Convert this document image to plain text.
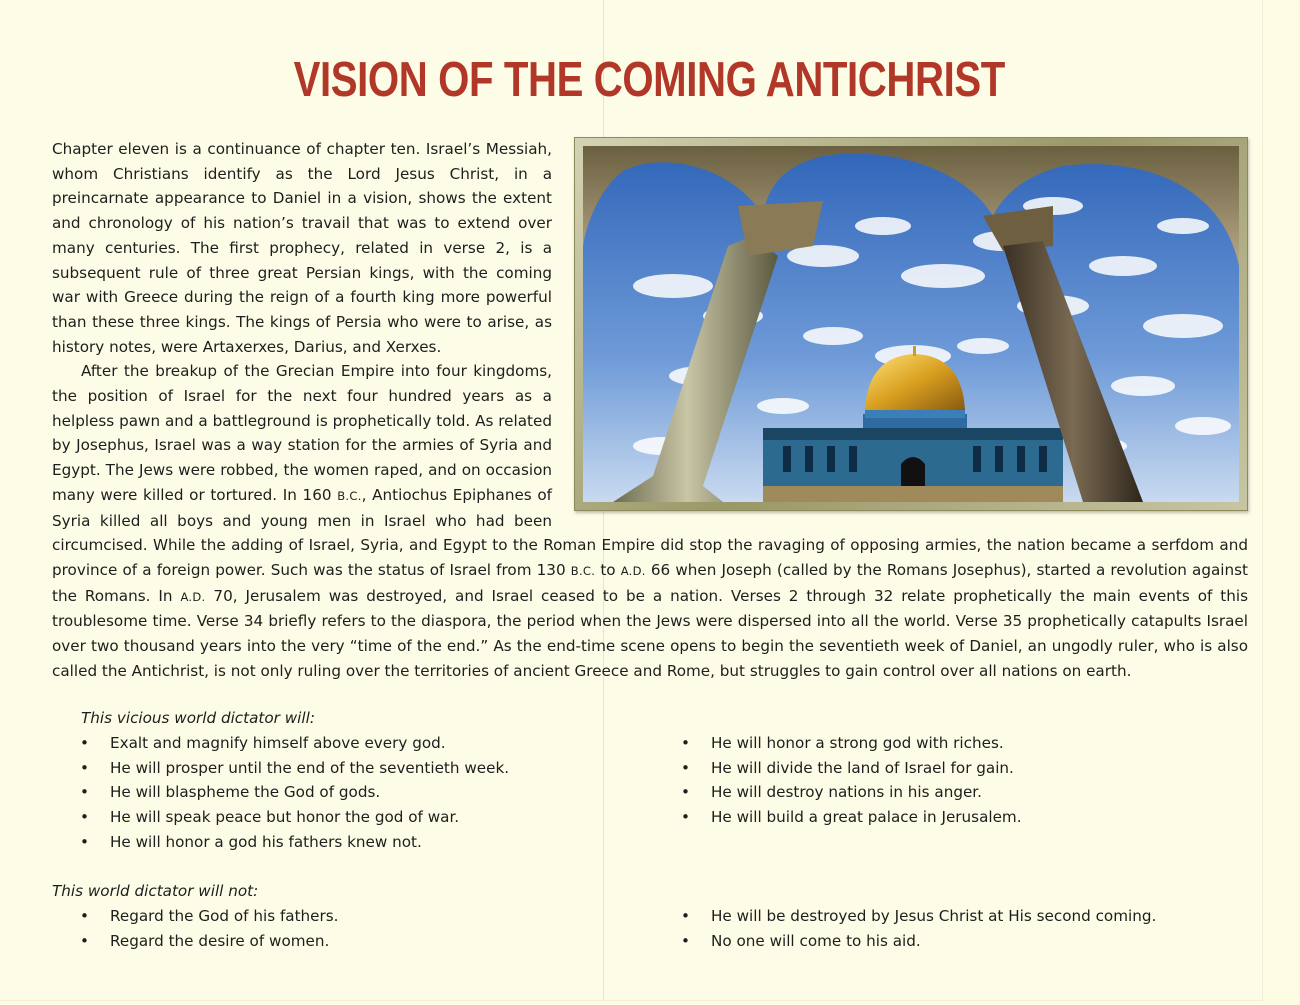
VISION OF THE COMING ANTICHRIST

Chapter eleven is a continuance of chapter ten. Israel’s Messiah, whom Christians identify as the Lord Jesus Christ, in a preincarnate appearance to Daniel in a vision, shows the extent and chronology of his nation’s travail that was to extend over many centuries. The first prophecy, related in verse 2, is a subsequent rule of three great Persian kings, with the coming war with Greece during the reign of a fourth king more powerful than these three kings. The kings of Persia who were to arise, as history notes, were Artaxerxes, Darius, and Xerxes.

After the breakup of the Grecian Empire into four kingdoms, the position of Israel for the next four hundred years as a helpless pawn and a battleground is prophetically told. As related by Josephus, Israel was a way station for the armies of Syria and Egypt. The Jews were robbed, the women raped, and on occasion many were killed or tortured. In 160 B.C., Antiochus Epiphanes of Syria killed all boys and young men in Israel who had been circumcised. While the adding of Israel, Syria, and Egypt to the Roman Empire did stop the ravaging of opposing armies, the nation became a serfdom and province of a foreign power. Such was the status of Israel from 130 B.C. to A.D. 66 when Joseph (called by the Romans Josephus), started a revolution against the Romans. In A.D. 70, Jerusalem was destroyed, and Israel ceased to be a nation. Verses 2 through 32 relate prophetically the main events of this troublesome time. Verse 34 briefly refers to the diaspora, the period when the Jews were dispersed into all the world. Verse 35 prophetically catapults Israel over two thousand years into the very “time of the end.” As the end-time scene opens to begin the seventieth week of Daniel, an ungodly ruler, who is also called the Antichrist, is not only ruling over the territories of ancient Greece and Rome, but struggles to gain control over all nations on earth.

This vicious world dictator will:
• Exalt and magnify himself above every god.
• He will prosper until the end of the seventieth week.
• He will blaspheme the God of gods.
• He will speak peace but honor the god of war.
• He will honor a god his fathers knew not.
• He will honor a strong god with riches.
• He will divide the land of Israel for gain.
• He will destroy nations in his anger.
• He will build a great palace in Jerusalem.
This world dictator will not:
• Regard the God of his fathers.
• Regard the desire of women.
• He will be destroyed by Jesus Christ at His second coming.
• No one will come to his aid.
